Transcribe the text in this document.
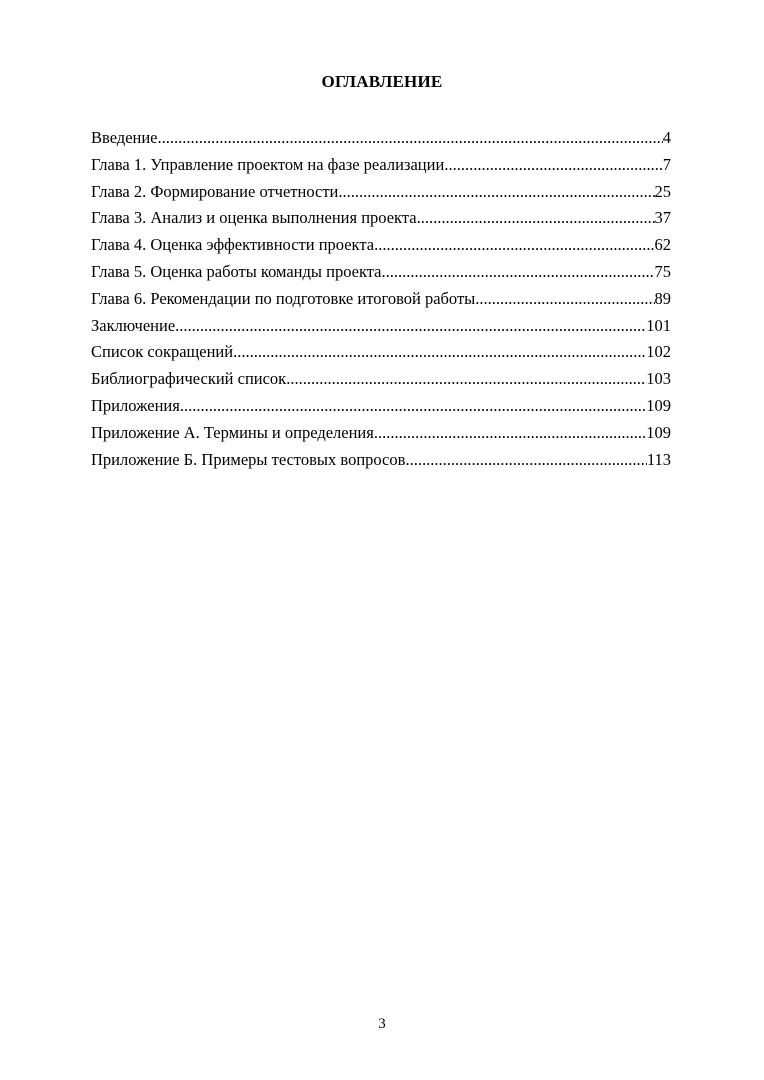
ОГЛАВЛЕНИЕ
Введение .....	4
Глава 1. Управление проектом на фазе реализации .....	7
Глава 2. Формирование отчетности .....	25
Глава 3. Анализ и оценка выполнения проекта .....	37
Глава 4. Оценка эффективности проекта .....	62
Глава 5. Оценка работы команды проекта .....	75
Глава 6. Рекомендации по подготовке итоговой работы .....	89
Заключение .....	101
Список сокращений .....	102
Библиографический список .....	103
Приложения .....	109
Приложение А. Термины и определения .....	109
Приложение Б. Примеры тестовых вопросов .....	113
3
